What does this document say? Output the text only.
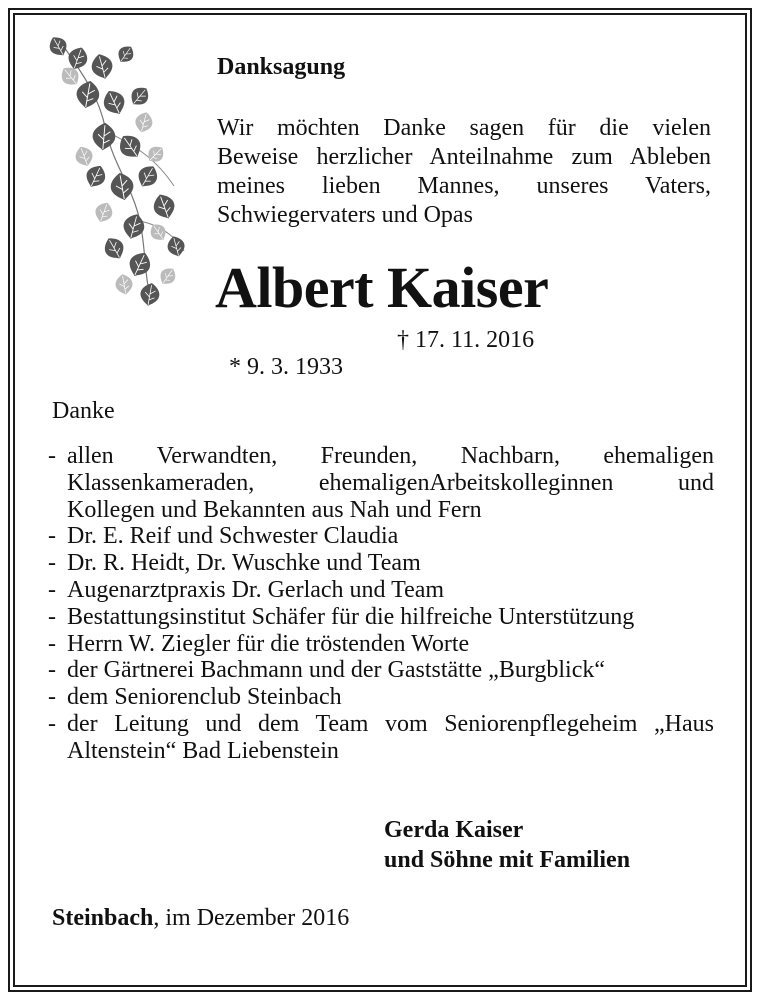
Danksagung

Wir möchten Danke sagen für die vielen
Beweise herzlicher Anteilnahme zum Ableben
meines lieben Mannes, unseres Vaters,
Schwiegervaters und Opas

Albert Kaiser

* 9. 3. 1933

† 17. 11. 2016

Danke

- allen Verwandten, Freunden, Nachbarn, ehemaligen
Klassenkameraden, ehemaligenArbeitskolleginnen und
Kollegen und Bekannten aus Nah und Fern
- Dr. E. Reif und Schwester Claudia
- Dr. R. Heidt, Dr. Wuschke und Team
- Augenarztpraxis Dr. Gerlach und Team
- Bestattungsinstitut Schäfer für die hilfreiche Unterstützung
- Herrn W. Ziegler für die tröstenden Worte
- der Gärtnerei Bachmann und der Gaststätte „Burgblick“
- dem Seniorenclub Steinbach
- der Leitung und dem Team vom Seniorenpflegeheim „Haus
Altenstein“ Bad Liebenstein
Gerda Kaiser
und Söhne mit Familien

Steinbach, im Dezember 2016
